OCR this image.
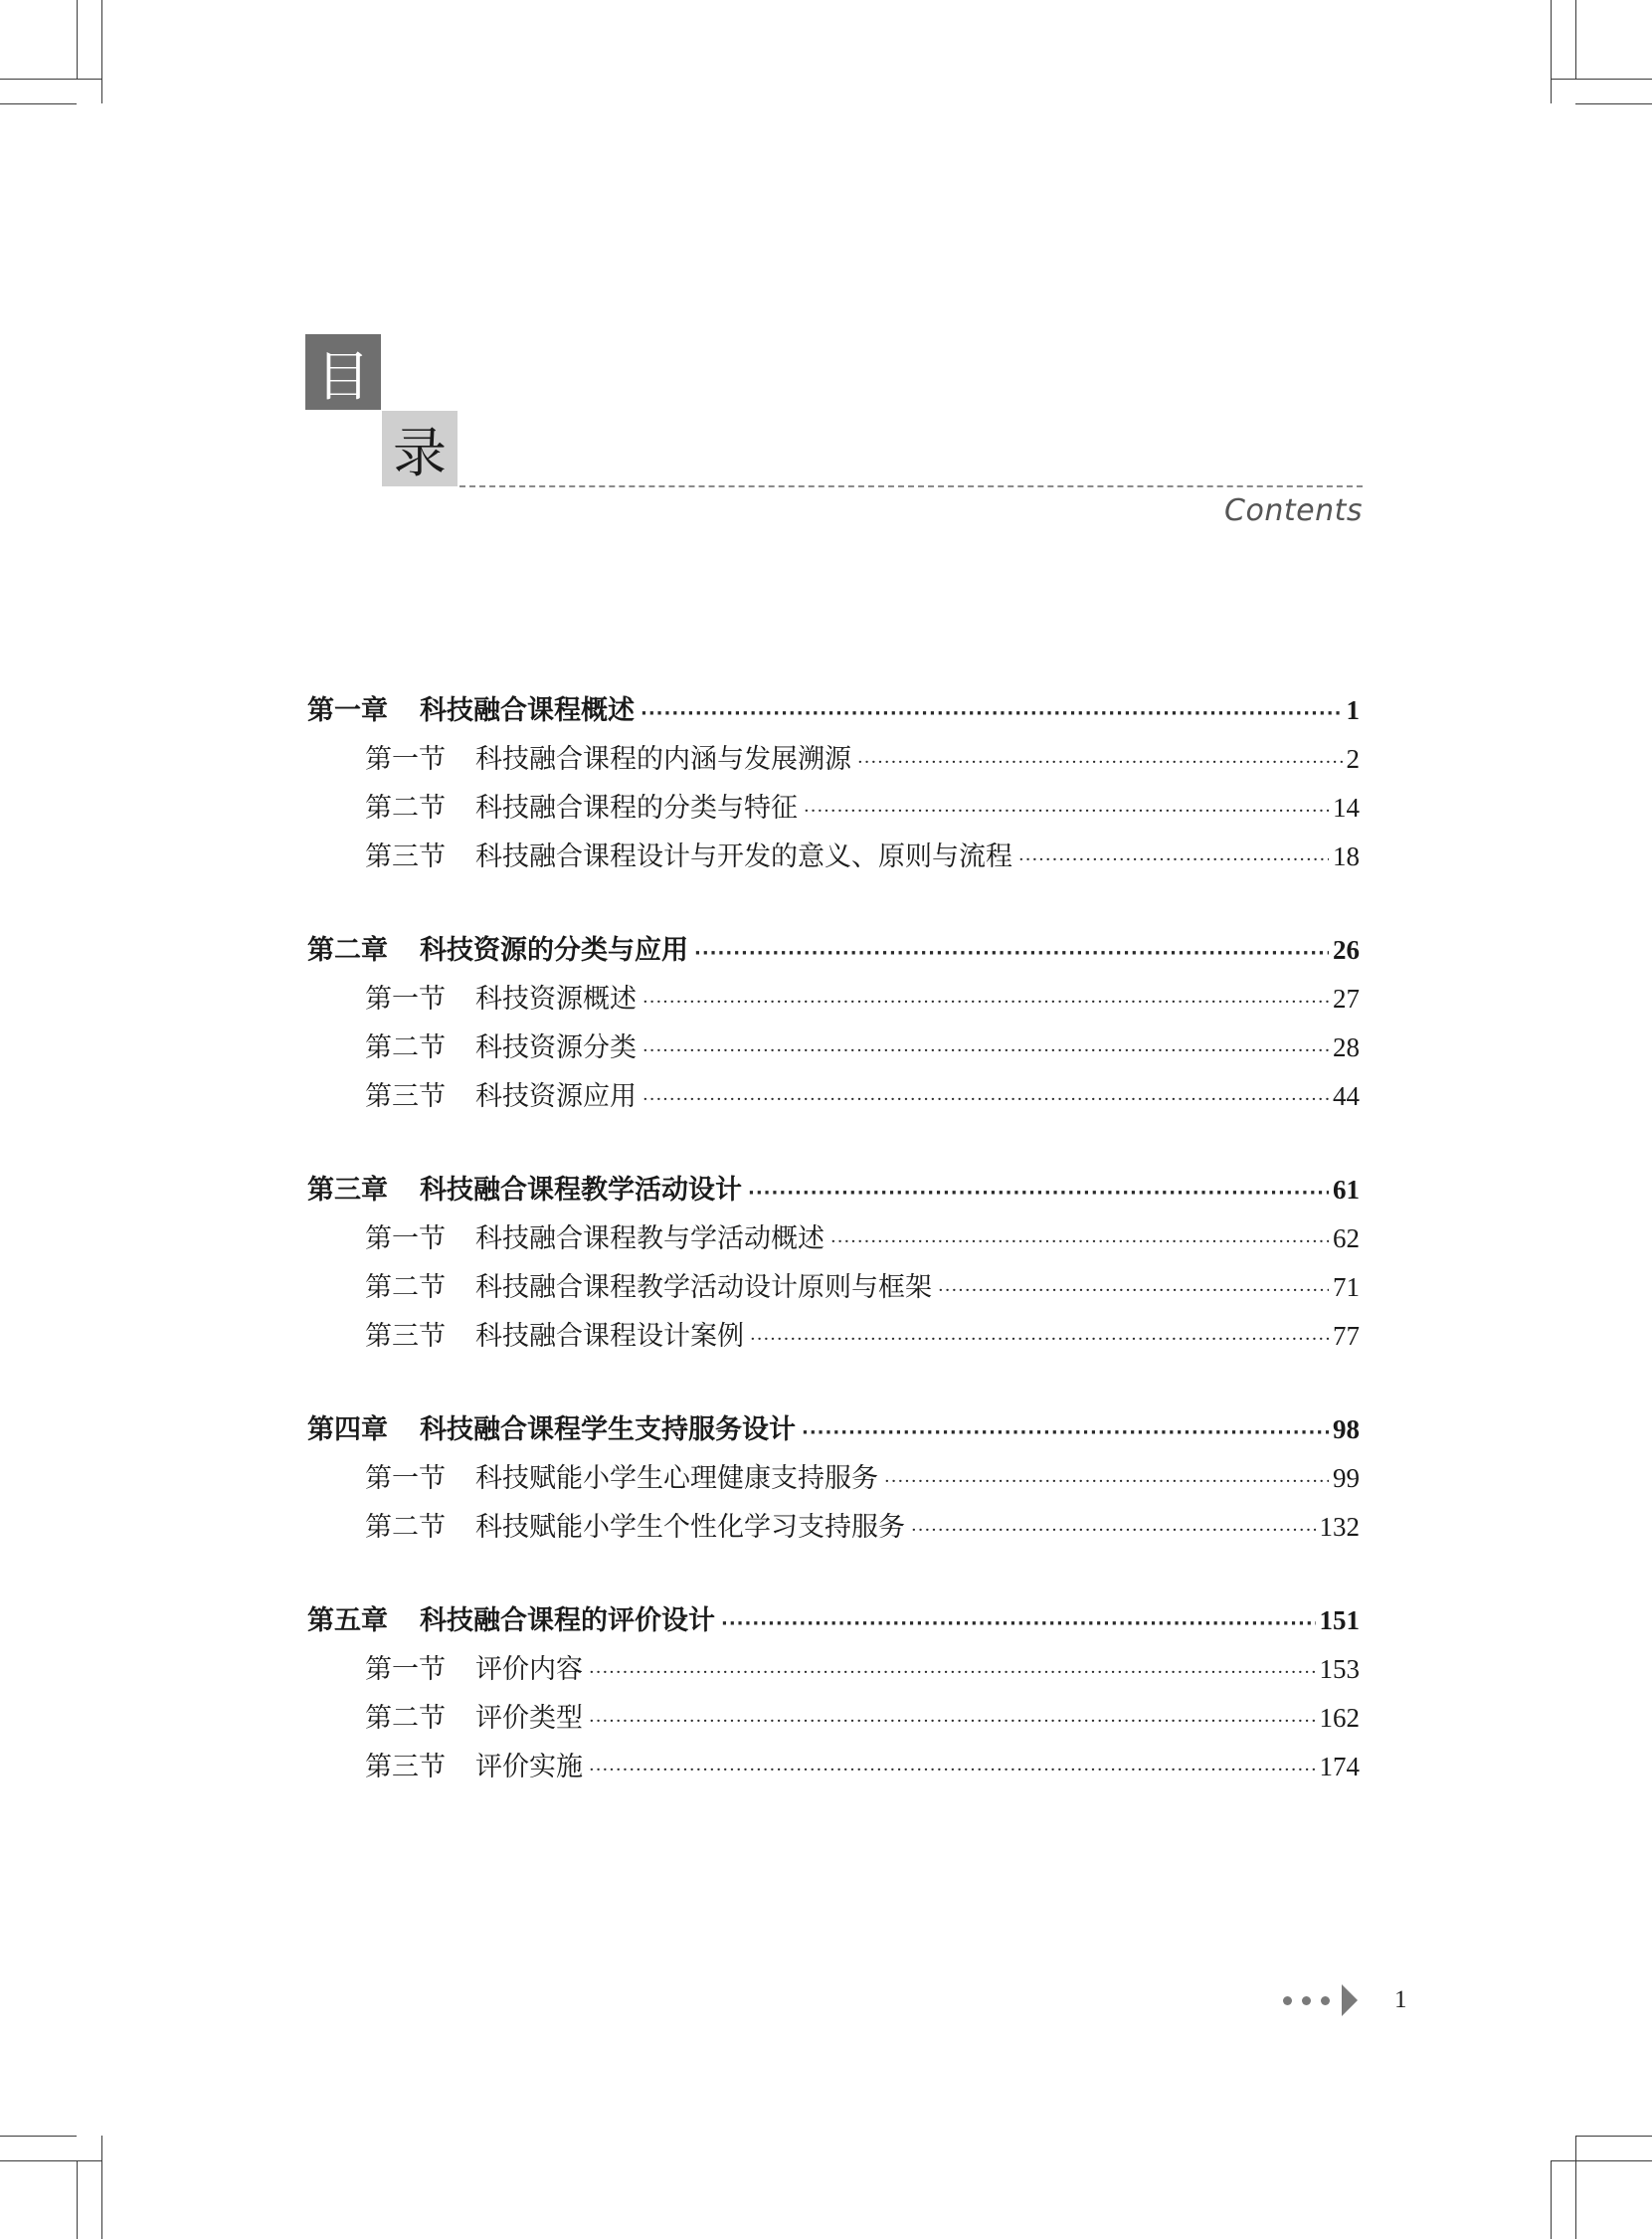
目
录
Contents
第一章 科技融合课程概述 ·····	1
第一节 科技融合课程的内涵与发展溯源 ·····	2
第二节 科技融合课程的分类与特征 ·····	14
第三节 科技融合课程设计与开发的意义、原则与流程 ·····	18
第二章 科技资源的分类与应用 ·····	26
第一节 科技资源概述 ·····	27
第二节 科技资源分类 ·····	28
第三节 科技资源应用 ·····	44
第三章 科技融合课程教学活动设计 ·····	61
第一节 科技融合课程教与学活动概述 ·····	62
第二节 科技融合课程教学活动设计原则与框架 ·····	71
第三节 科技融合课程设计案例 ·····	77
第四章 科技融合课程学生支持服务设计 ·····	98
第一节 科技赋能小学生心理健康支持服务 ·····	99
第二节 科技赋能小学生个性化学习支持服务 ·····	132
第五章 科技融合课程的评价设计 ·····	151
第一节 评价内容 ·····	153
第二节 评价类型 ·····	162
第三节 评价实施 ·····	174
1
